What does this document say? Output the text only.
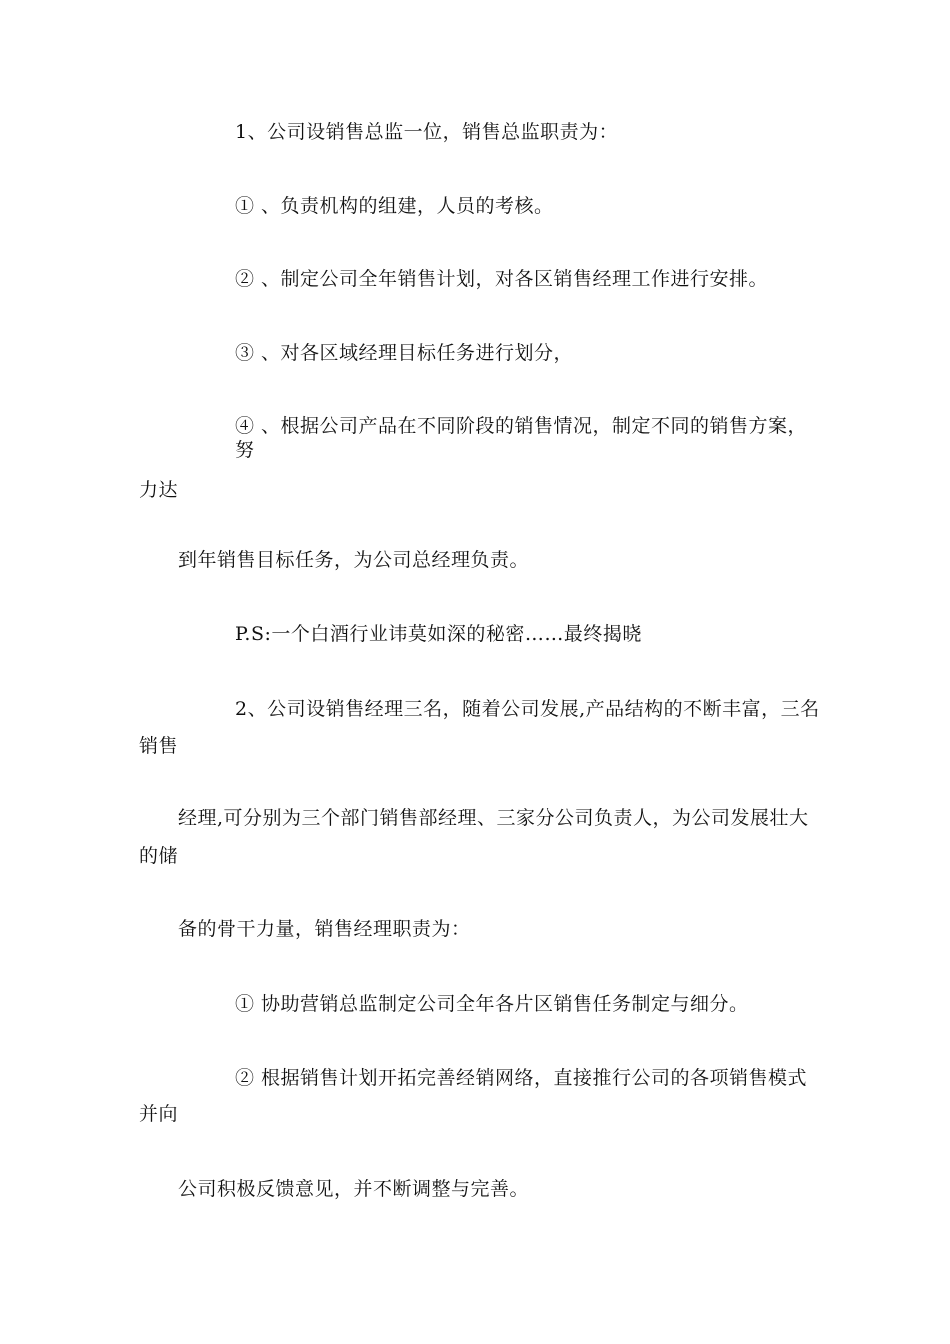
1、公司设销售总监一位，销售总监职责为：
① 、负责机构的组建，人员的考核。
② 、制定公司全年销售计划，对各区销售经理工作进行安排。
③ 、对各区域经理目标任务进行划分，
④ 、根据公司产品在不同阶段的销售情况，制定不同的销售方案，
努
力达
到年销售目标任务，为公司总经理负责。
P.S:一个白酒行业讳莫如深的秘密……最终揭晓
2、公司设销售经理三名，随着公司发展,产品结构的不断丰富，三名
销售
经理,可分别为三个部门销售部经理、三家分公司负责人，为公司发展壮大
的储
备的骨干力量，销售经理职责为：
① 协助营销总监制定公司全年各片区销售任务制定与细分。
② 根据销售计划开拓完善经销网络，直接推行公司的各项销售模式
并向
公司积极反馈意见，并不断调整与完善。
